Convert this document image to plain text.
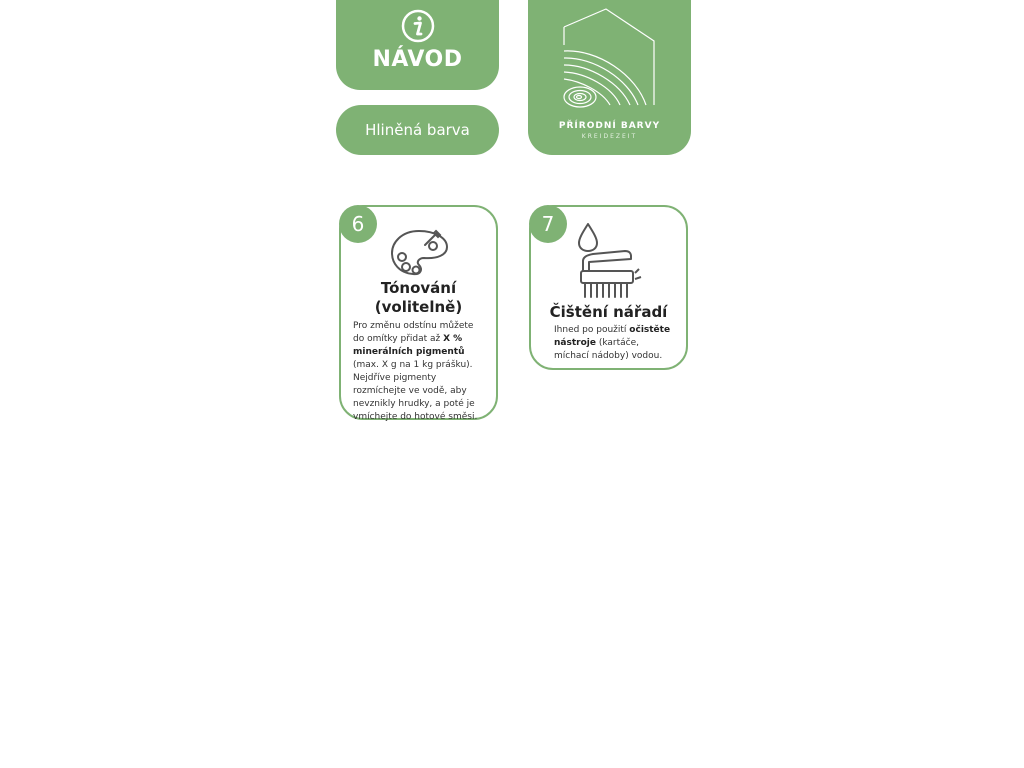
NÁVOD
Hliněná barva	PŘÍRODNÍ BARVY
KREIDEZEIT
6
Tónování
(volitelně)
Pro změnu odstínu můžete do omítky přidat až X % minerálních pigmentů (max. X g na 1 kg prášku). Nejdříve pigmenty rozmíchejte ve vodě, aby nevznikly hrudky, a poté je vmíchejte do hotové směsi.
7
Čištění nářadí
Ihned po použití očistěte nástroje (kartáče, míchací nádoby) vodou.
